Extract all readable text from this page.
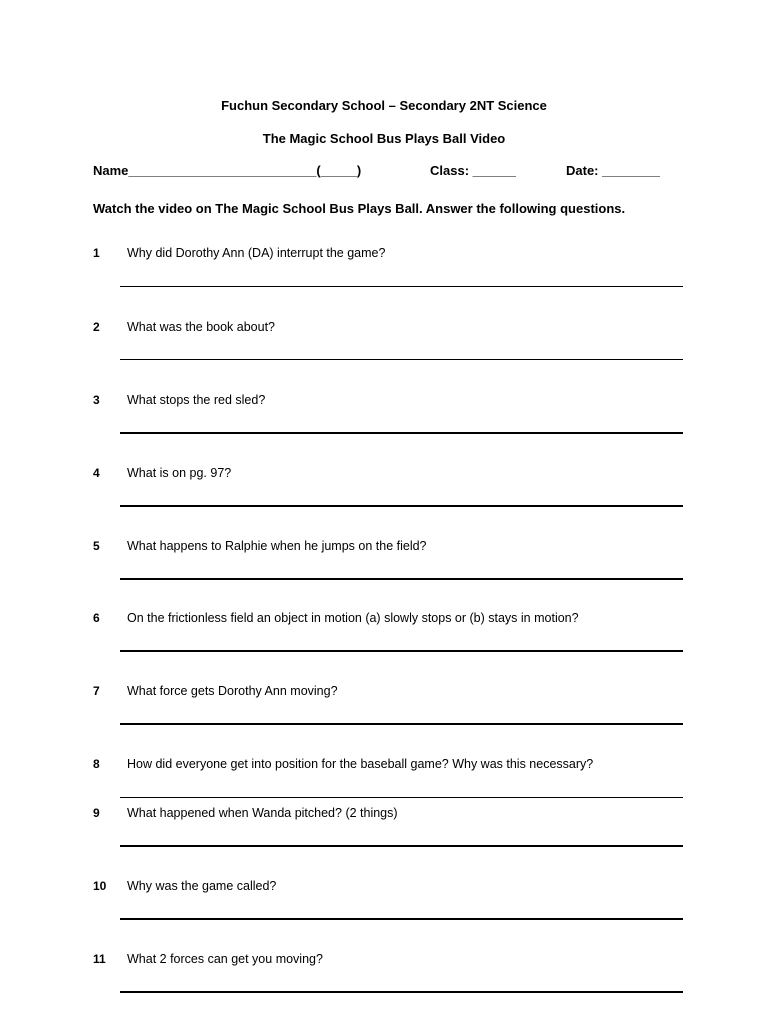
Fuchun Secondary School – Secondary 2NT Science
The Magic School Bus Plays Ball Video
Name__________________________(_____)	Class: ______	Date: ________
Watch the video on The Magic School Bus Plays Ball. Answer the following questions.
1 Why did Dorothy Ann (DA) interrupt the game?
2 What was the book about?
3 What stops the red sled?
4 What is on pg. 97?
5 What happens to Ralphie when he jumps on the field?
6 On the frictionless field an object in motion (a) slowly stops or (b) stays in motion?
7 What force gets Dorothy Ann moving?
8 How did everyone get into position for the baseball game? Why was this necessary?
9 What happened when Wanda pitched? (2 things)
10 Why was the game called?
11 What 2 forces can get you moving?
